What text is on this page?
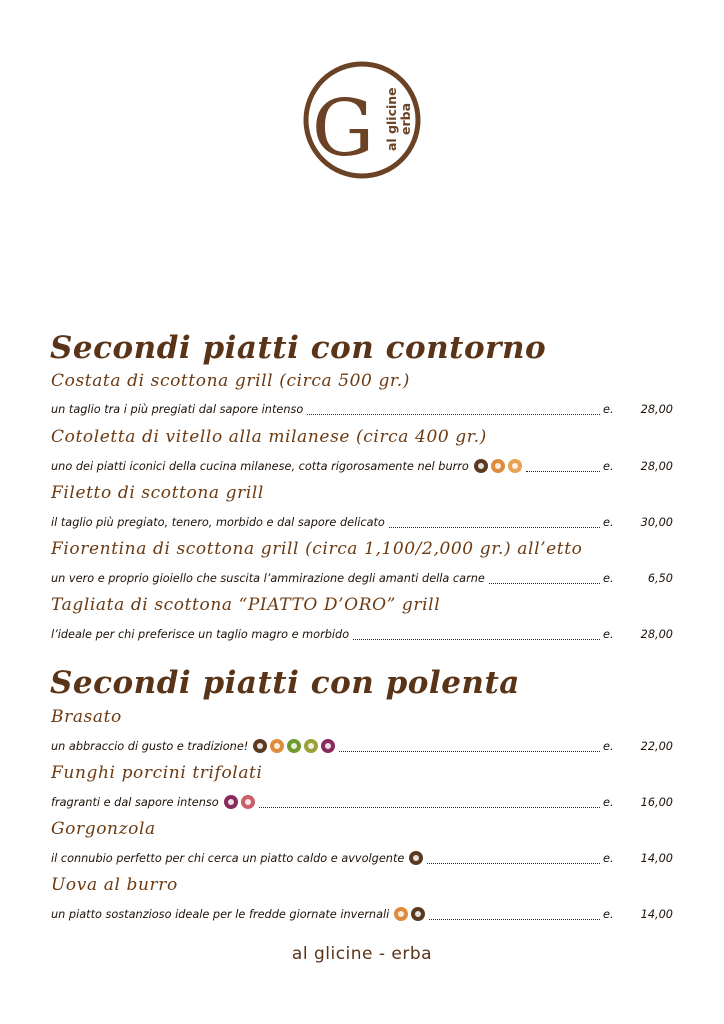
G al glicine erba
Secondi piatti con contorno
Costata di scottona grill (circa 500 gr.)
un taglio tra i più pregiati dal sapore intenso	e.	28,00
Cotoletta di vitello alla milanese (circa 400 gr.)
uno dei piatti iconici della cucina milanese, cotta rigorosamente nel burro	e.	28,00
Filetto di scottona grill
il taglio più pregiato, tenero, morbido e dal sapore delicato	e.	30,00
Fiorentina di scottona grill (circa 1,100/2,000 gr.) all’etto
un vero e proprio gioiello che suscita l’ammirazione degli amanti della carne	e.	6,50
Tagliata di scottona “PIATTO D’ORO” grill
l’ideale per chi preferisce un taglio magro e morbido	e.	28,00
Secondi piatti con polenta
Brasato
un abbraccio di gusto e tradizione!	e.	22,00
Funghi porcini trifolati
fragranti e dal sapore intenso	e.	16,00
Gorgonzola
il connubio perfetto per chi cerca un piatto caldo e avvolgente	e.	14,00
Uova al burro
un piatto sostanzioso ideale per le fredde giornate invernali	e.	14,00
al glicine - erba
